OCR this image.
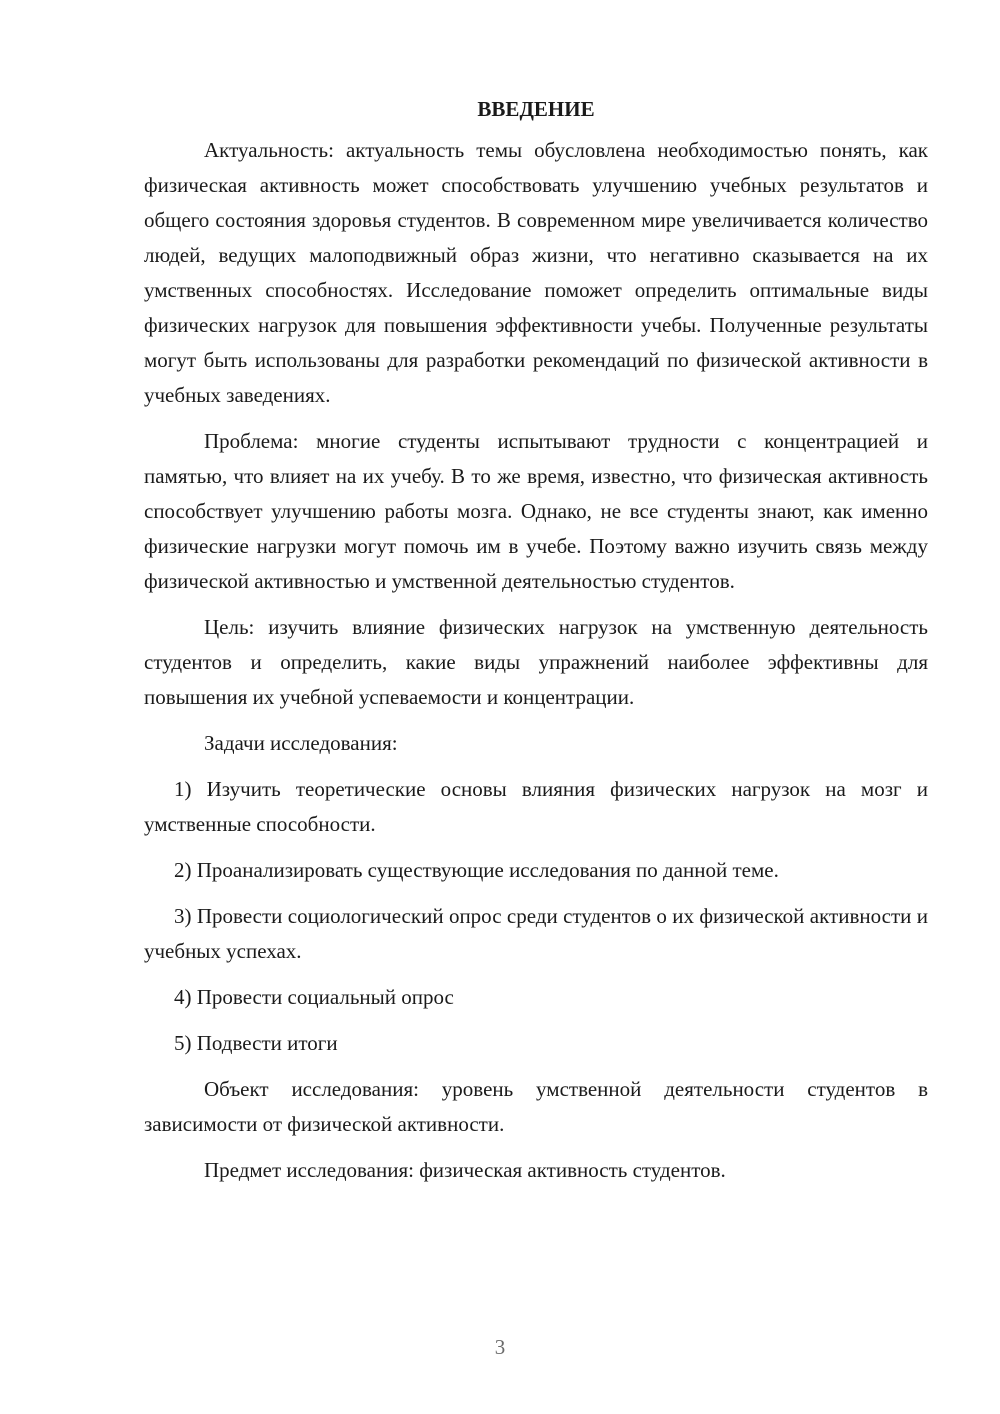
ВВЕДЕНИЕ

Актуальность: актуальность темы обусловлена необходимостью понять, как физическая активность может способствовать улучшению учебных результатов и общего состояния здоровья студентов. В современном мире увеличивается количество людей, ведущих малоподвижный образ жизни, что негативно сказывается на их умственных способностях. Исследование поможет определить оптимальные виды физических нагрузок для повышения эффективности учебы. Полученные результаты могут быть использованы для разработки рекомендаций по физической активности в учебных заведениях.

Проблема: многие студенты испытывают трудности с концентрацией и памятью, что влияет на их учебу. В то же время, известно, что физическая активность способствует улучшению работы мозга. Однако, не все студенты знают, как именно физические нагрузки могут помочь им в учебе. Поэтому важно изучить связь между физической активностью и умственной деятельностью студентов.

Цель: изучить влияние физических нагрузок на умственную деятельность студентов и определить, какие виды упражнений наиболее эффективны для повышения их учебной успеваемости и концентрации.

Задачи исследования:

1) Изучить теоретические основы влияния физических нагрузок на мозг и умственные способности.

2) Проанализировать существующие исследования по данной теме.

3) Провести социологический опрос среди студентов о их физической активности и учебных успехах.

4) Провести социальный опрос

5) Подвести итоги

Объект исследования: уровень умственной деятельности студентов в зависимости от физической активности.

Предмет исследования: физическая активность студентов.

3
